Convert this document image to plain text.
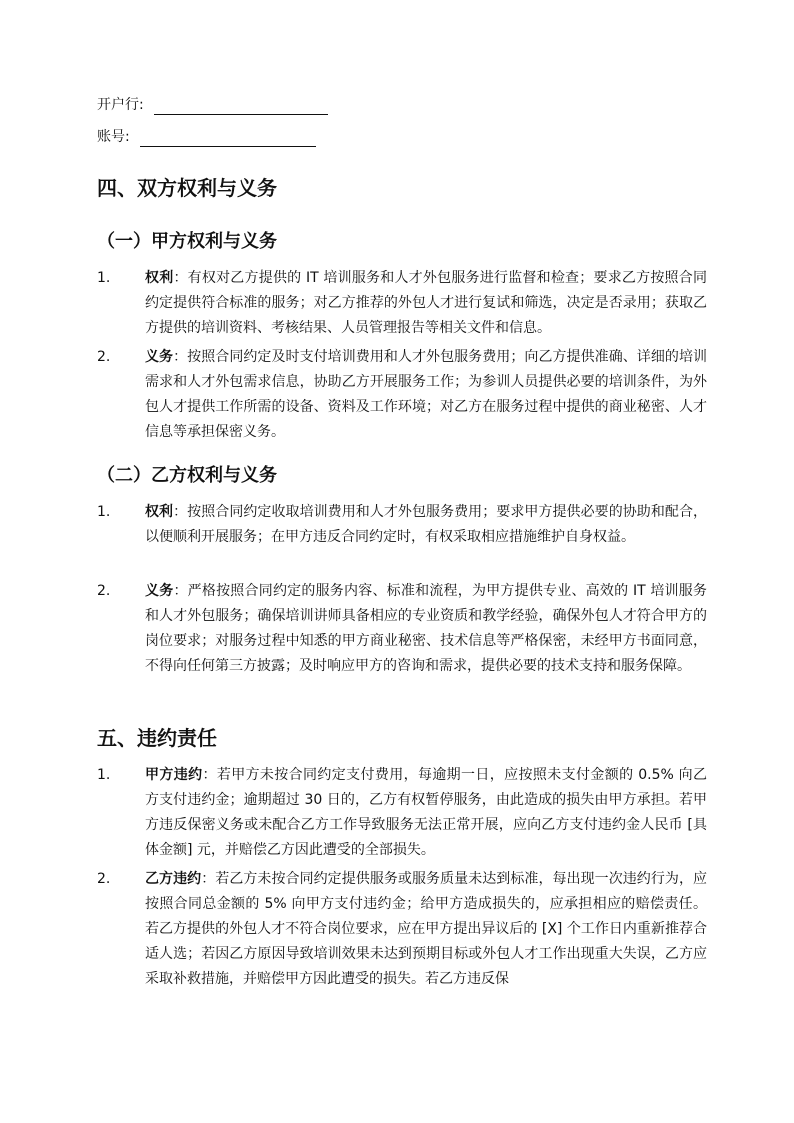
开户行:
账号:
四、双方权利与义务
（一）甲方权利与义务
1. 权利：有权对乙方提供的 IT 培训服务和人才外包服务进行监督和检查；要求乙方按照合同约定提供符合标准的服务；对乙方推荐的外包人才进行复试和筛选，决定是否录用；获取乙方提供的培训资料、考核结果、人员管理报告等相关文件和信息。
2. 义务：按照合同约定及时支付培训费用和人才外包服务费用；向乙方提供准确、详细的培训需求和人才外包需求信息，协助乙方开展服务工作；为参训人员提供必要的培训条件，为外包人才提供工作所需的设备、资料及工作环境；对乙方在服务过程中提供的商业秘密、人才信息等承担保密义务。
（二）乙方权利与义务
1. 权利：按照合同约定收取培训费用和人才外包服务费用；要求甲方提供必要的协助和配合，以便顺利开展服务；在甲方违反合同约定时，有权采取相应措施维护自身权益。
2. 义务：严格按照合同约定的服务内容、标准和流程，为甲方提供专业、高效的 IT 培训服务和人才外包服务；确保培训讲师具备相应的专业资质和教学经验，确保外包人才符合甲方的岗位要求；对服务过程中知悉的甲方商业秘密、技术信息等严格保密，未经甲方书面同意，不得向任何第三方披露；及时响应甲方的咨询和需求，提供必要的技术支持和服务保障。
五、违约责任
1. 甲方违约：若甲方未按合同约定支付费用，每逾期一日，应按照未支付金额的 0.5% 向乙方支付违约金；逾期超过 30 日的，乙方有权暂停服务，由此造成的损失由甲方承担。若甲方违反保密义务或未配合乙方工作导致服务无法正常开展，应向乙方支付违约金人民币 [具体金额] 元，并赔偿乙方因此遭受的全部损失。
2. 乙方违约：若乙方未按合同约定提供服务或服务质量未达到标准，每出现一次违约行为，应按照合同总金额的 5% 向甲方支付违约金；给甲方造成损失的，应承担相应的赔偿责任。若乙方提供的外包人才不符合岗位要求，应在甲方提出异议后的 [X] 个工作日内重新推荐合适人选；若因乙方原因导致培训效果未达到预期目标或外包人才工作出现重大失误，乙方应采取补救措施，并赔偿甲方因此遭受的损失。若乙方违反保
